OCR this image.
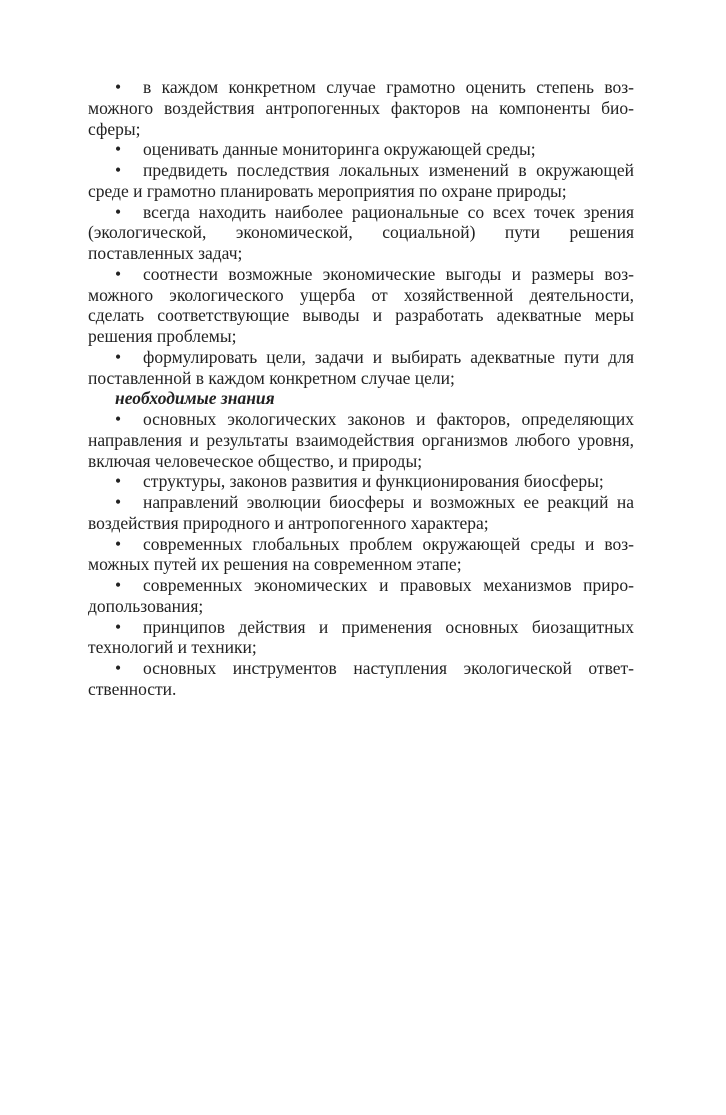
• в каждом конкретном случае грамотно оценить степень возможного воздействия антропогенных факторов на компоненты биосферы;

• оценивать данные мониторинга окружающей среды;

• предвидеть последствия локальных изменений в окружающей среде и грамотно планировать мероприятия по охране природы;

• всегда находить наиболее рациональные со всех точек зрения (экологической, экономической, социальной) пути решения поставленных задач;

• соотнести возможные экономические выгоды и размеры возможного экологического ущерба от хозяйственной деятельности, сделать соответствующие выводы и разработать адекватные меры решения проблемы;

• формулировать цели, задачи и выбирать адекватные пути для поставленной в каждом конкретном случае цели;

необходимые знания

• основных экологических законов и факторов, определяющих направления и результаты взаимодействия организмов любого уровня, включая человеческое общество, и природы;

• структуры, законов развития и функционирования биосферы;

• направлений эволюции биосферы и возможных ее реакций на воздействия природного и антропогенного характера;

• современных глобальных проблем окружающей среды и возможных путей их решения на современном этапе;

• современных экономических и правовых механизмов природопользования;

• принципов действия и применения основных биозащитных технологий и техники;

• основных инструментов наступления экологической ответственности.
